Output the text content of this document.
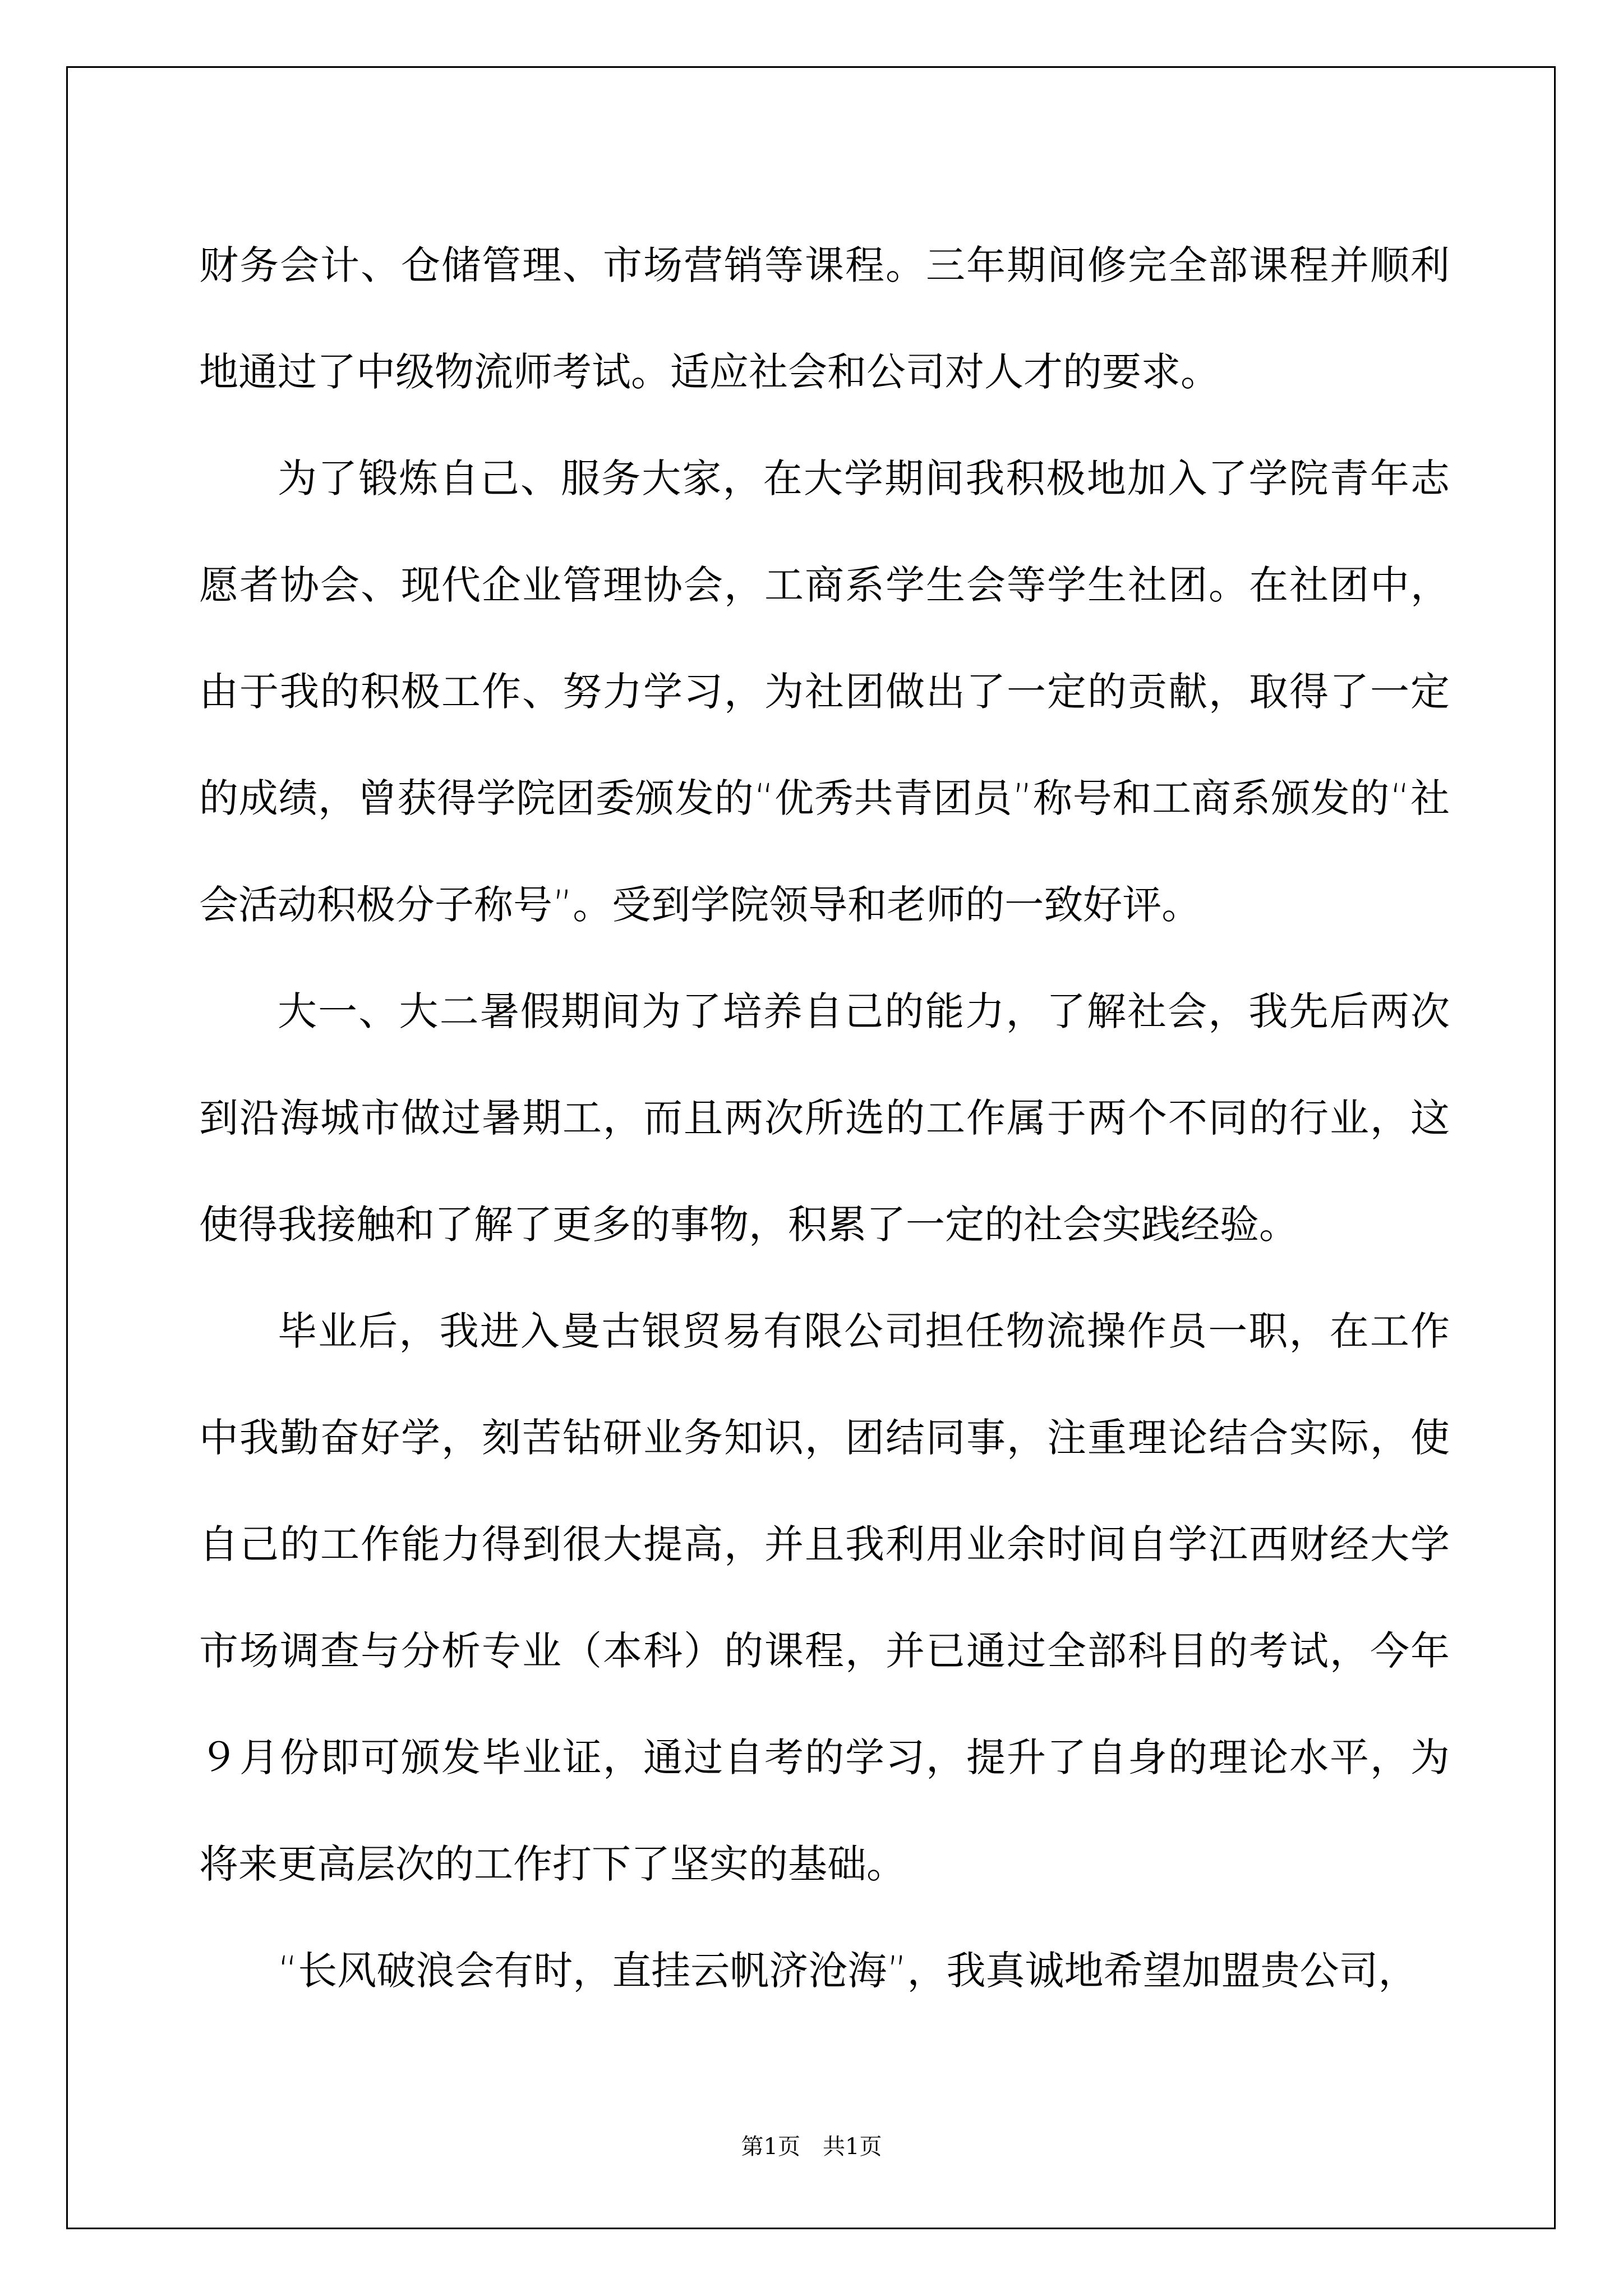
财务会计、仓储管理、市场营销等课程。三年期间修完全部课程并顺利地通过了中级物流师考试。适应社会和公司对人才的要求。

为了锻炼自己、服务大家，在大学期间我积极地加入了学院青年志愿者协会、现代企业管理协会，工商系学生会等学生社团。在社团中，由于我的积极工作、努力学习，为社团做出了一定的贡献，取得了一定的成绩，曾获得学院团委颁发的“优秀共青团员”称号和工商系颁发的“社会活动积极分子称号”。受到学院领导和老师的一致好评。

大一、大二暑假期间为了培养自己的能力，了解社会，我先后两次到沿海城市做过暑期工，而且两次所选的工作属于两个不同的行业，这使得我接触和了解了更多的事物，积累了一定的社会实践经验。

毕业后，我进入曼古银贸易有限公司担任物流操作员一职，在工作中我勤奋好学，刻苦钻研业务知识，团结同事，注重理论结合实际，使自己的工作能力得到很大提高，并且我利用业余时间自学江西财经大学市场调查与分析专业（本科）的课程，并已通过全部科目的考试，今年９月份即可颁发毕业证，通过自考的学习，提升了自身的理论水平，为将来更高层次的工作打下了坚实的基础。

“长风破浪会有时，直挂云帆济沧海”，我真诚地希望加盟贵公司，

第1页　共1页
